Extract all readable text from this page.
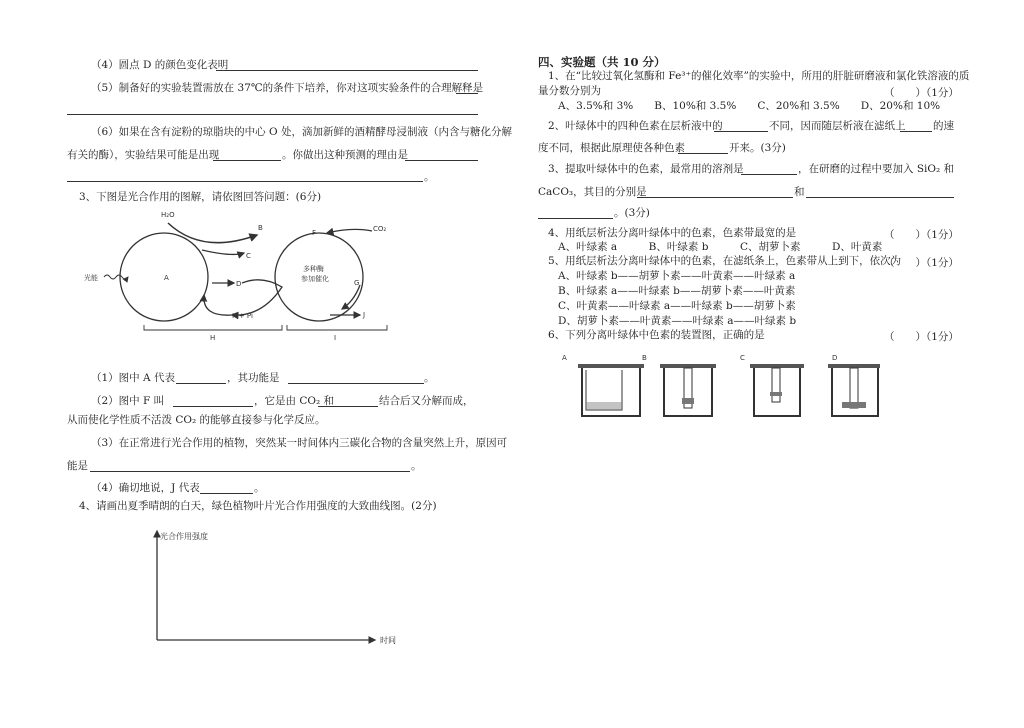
（4）圆点 D 的颜色变化表明
（5）制备好的实验装置需放在 37℃的条件下培养，你对这项实验条件的合理解释是
（6）如果在含有淀粉的琼脂块的中心 O 处，滴加新鲜的酒精酵母浸制液（内含与糖化分解
有关的酶），实验结果可能是出现	。你做出这种预测的理由是
。
3、下图是光合作用的图解，请依图回答问题：(6分)
H₂O
B
C
A
D
光能
K + Pi
H
F	CO₂
多种酶
参加催化	G
J
I
（1）图中 A 代表	，其功能是	。
（2）图中 F 叫	，它是由 CO₂ 和	结合后又分解而成，
从而使化学性质不活泼 CO₂ 的能够直接参与化学反应。
（3）在正常进行光合作用的植物，突然某一时间体内三碳化合物的含量突然上升，原因可
能是	。
（4）确切地说，J 代表	。
4、请画出夏季晴朗的白天，绿色植物叶片光合作用强度的大致曲线图。(2分)
光合作用强度
时间
四、实验题（共 10 分）
1、在“比较过氧化氢酶和 Fe³⁺的催化效率”的实验中，所用的肝脏研磨液和氯化铁溶液的质
量分数分别为	（　　）（1分）
A、3.5%和 3%　　B、10%和 3.5%　　C、20%和 3.5%　　D、20%和 10%
2、叶绿体中的四种色素在层析液中的	不同，因而随层析液在滤纸上	的速
度不同，根据此原理使各种色素	开来。(3分)
3、提取叶绿体中的色素，最常用的溶剂是	，在研磨的过程中要加入 SiO₂ 和
CaCO₃，其目的分别是	和
。(3分)
4、用纸层析法分离叶绿体中的色素，色素带最宽的是	（　　）（1分）
A、叶绿素 a　　　B、叶绿素 b　　　C、胡萝卜素　　　D、叶黄素
5、用纸层析法分离叶绿体中的色素，在滤纸条上，色素带从上到下，依次为
（　　）（1分）
A、叶绿素 b——胡萝卜素——叶黄素——叶绿素 a
B、叶绿素 a——叶绿素 b——胡萝卜素——叶黄素
C、叶黄素——叶绿素 a——叶绿素 b——胡萝卜素
D、胡萝卜素——叶黄素——叶绿素 a——叶绿素 b
6、下列分离叶绿体中色素的装置图，正确的是	（　　）（1分）
A	B	C	D
